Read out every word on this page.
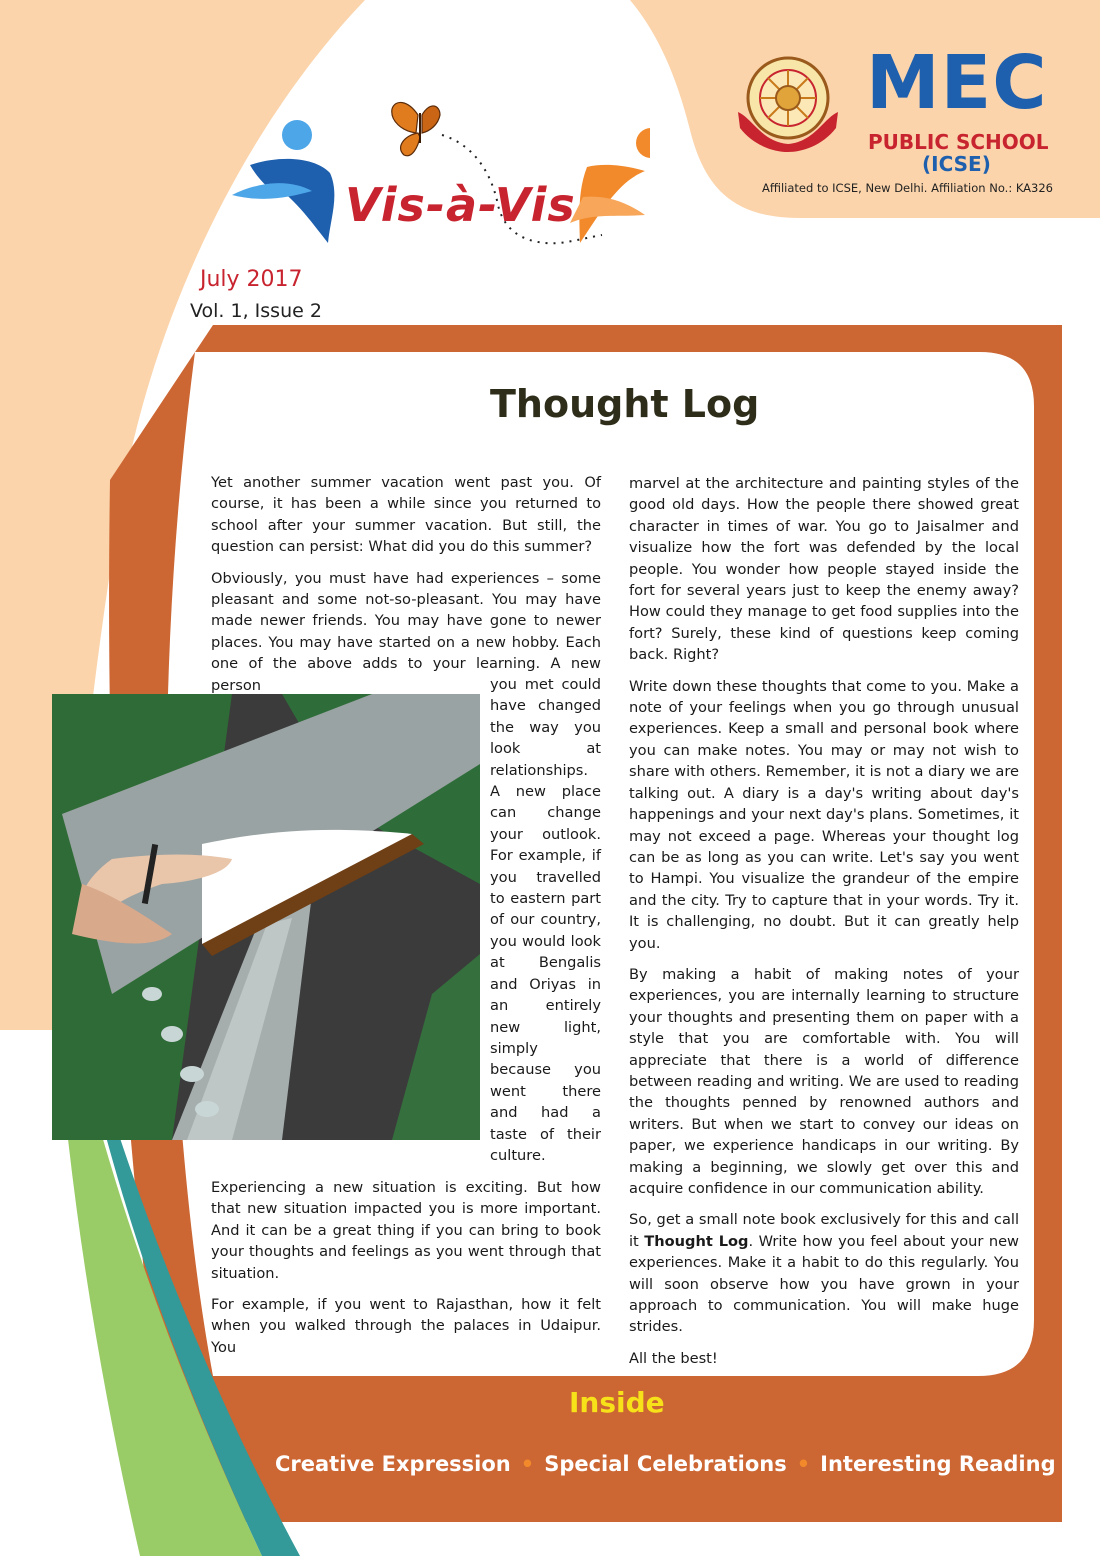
Vis-à-Vis
July 2017
Vol. 1, Issue 2
MEC
PUBLIC SCHOOL
(ICSE)
Affiliated to ICSE, New Delhi. Affiliation No.: KA326
Thought Log

Yet another summer vacation went past you. Of course, it has been a while since you returned to school after your summer vacation. But still, the question can persist: What did you do this summer?

Obviously, you must have had experiences – some pleasant and some not-so-pleasant. You may have made newer friends. You may have gone to newer places. You may have started on a new hobby. Each one of the above adds to your learning. A new person	you met could have changed the way you look at relationships. A new place can change your outlook. For example, if you travelled to eastern part of our country, you would look at Bengalis and Oriyas in an entirely new light, simply because you went there and had a taste of their culture.

Experiencing a new situation is exciting. But how that new situation impacted you is more important. And it can be a great thing if you can bring to book your thoughts and feelings as you went through that situation.

For example, if you went to Rajasthan, how it felt when you walked through the palaces in Udaipur. You

marvel at the architecture and painting styles of the good old days. How the people there showed great character in times of war. You go to Jaisalmer and visualize how the fort was defended by the local people. You wonder how people stayed inside the fort for several years just to keep the enemy away? How could they manage to get food supplies into the fort? Surely, these kind of questions keep coming back. Right?

Write down these thoughts that come to you. Make a note of your feelings when you go through unusual experiences. Keep a small and personal book where you can make notes. You may or may not wish to share with others. Remember, it is not a diary we are talking out. A diary is a day's writing about day's happenings and your next day's plans. Sometimes, it may not exceed a page. Whereas your thought log can be as long as you can write. Let's say you went to Hampi. You visualize the grandeur of the empire and the city. Try to capture that in your words. Try it. It is challenging, no doubt. But it can greatly help you.

By making a habit of making notes of your experiences, you are internally learning to structure your thoughts and presenting them on paper with a style that you are comfortable with. You will appreciate that there is a world of difference between reading and writing. We are used to reading the thoughts penned by renowned authors and writers. But when we start to convey our ideas on paper, we experience handicaps in our writing. By making a beginning, we slowly get over this and acquire confidence in our communication ability.

So, get a small note book exclusively for this and call it Thought Log. Write how you feel about your new experiences. Make it a habit to do this regularly. You will soon observe how you have grown in your approach to communication. You will make huge strides.

All the best!

Inside
Creative Expression • Special Celebrations • Interesting Reading
